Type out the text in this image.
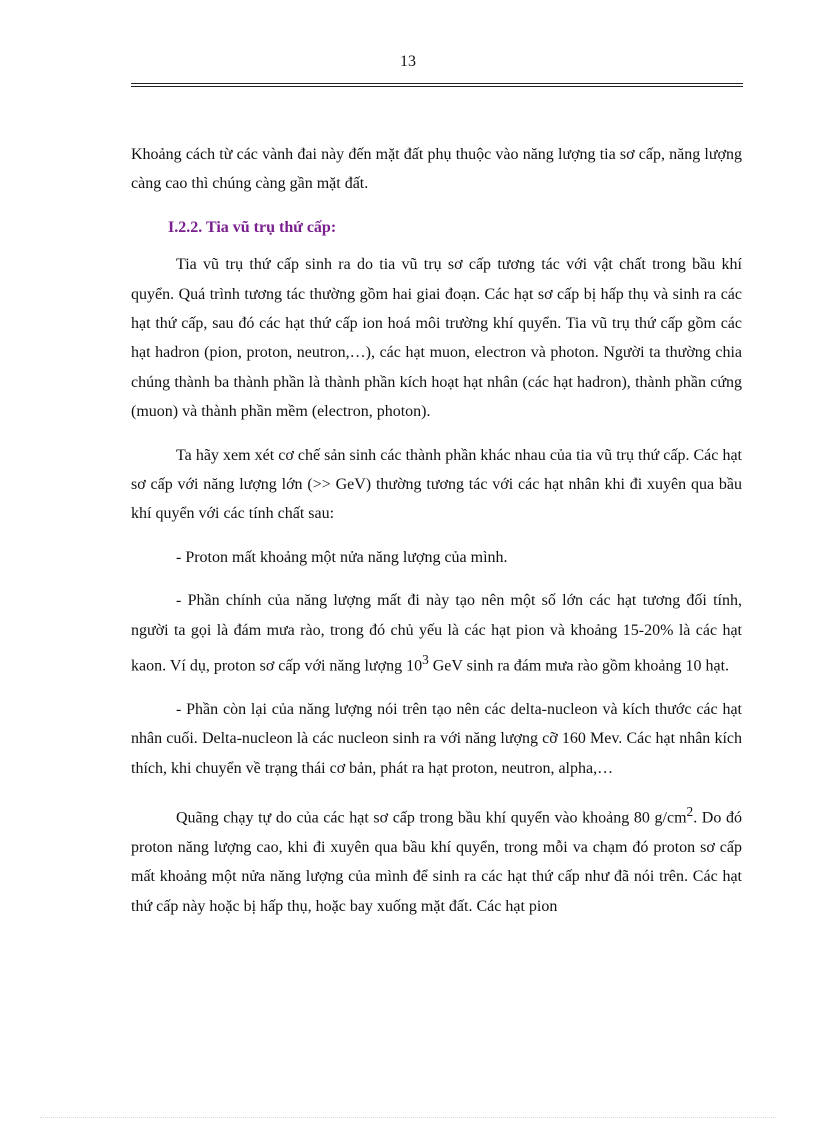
13

Khoảng cách từ các vành đai này đến mặt đất phụ thuộc vào năng lượng tia sơ cấp, năng lượng càng cao thì chúng càng gần mặt đất.

I.2.2. Tia vũ trụ thứ cấp:

Tia vũ trụ thứ cấp sinh ra do tia vũ trụ sơ cấp tương tác với vật chất trong bầu khí quyển. Quá trình tương tác thường gồm hai giai đoạn. Các hạt sơ cấp bị hấp thụ và sinh ra các hạt thứ cấp, sau đó các hạt thứ cấp ion hoá môi trường khí quyển. Tia vũ trụ thứ cấp gồm các hạt hadron (pion, proton, neutron,…), các hạt muon, electron và photon. Người ta thường chia chúng thành ba thành phần là thành phần kích hoạt hạt nhân (các hạt hadron), thành phần cứng (muon) và thành phần mềm (electron, photon).

Ta hãy xem xét cơ chế sản sinh các thành phần khác nhau của tia vũ trụ thứ cấp. Các hạt sơ cấp với năng lượng lớn (>> GeV) thường tương tác với các hạt nhân khi đi xuyên qua bầu khí quyển với các tính chất sau:

- Proton mất khoảng một nửa năng lượng của mình.

- Phần chính của năng lượng mất đi này tạo nên một số lớn các hạt tương đối tính, người ta gọi là đám mưa rào, trong đó chủ yếu là các hạt pion và khoảng 15-20% là các hạt kaon. Ví dụ, proton sơ cấp với năng lượng $10^3$ GeV sinh ra đám mưa rào gồm khoảng 10 hạt.

- Phần còn lại của năng lượng nói trên tạo nên các delta-nucleon và kích thước các hạt nhân cuối. Delta-nucleon là các nucleon sinh ra với năng lượng cỡ 160 Mev. Các hạt nhân kích thích, khi chuyển về trạng thái cơ bản, phát ra hạt proton, neutron, alpha,…

Quãng chạy tự do của các hạt sơ cấp trong bầu khí quyển vào khoảng 80 $g/cm^2$. Do đó proton năng lượng cao, khi đi xuyên qua bầu khí quyển, trong mỗi va chạm đó proton sơ cấp mất khoảng một nửa năng lượng của mình để sinh ra các hạt thứ cấp như đã nói trên. Các hạt thứ cấp này hoặc bị hấp thụ, hoặc bay xuống mặt đất. Các hạt pion
